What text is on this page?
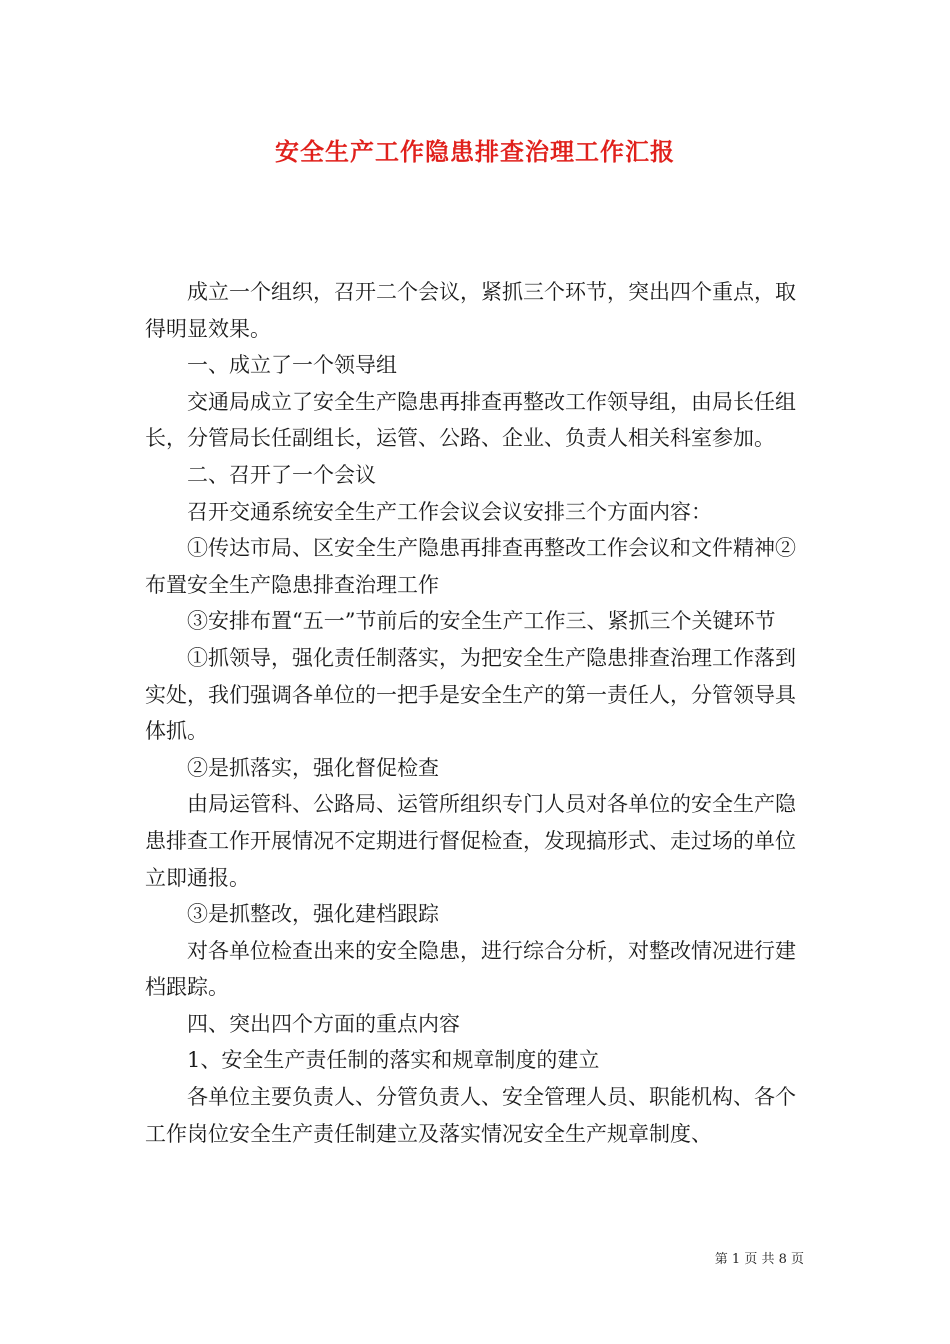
安全生产工作隐患排查治理工作汇报

成立一个组织，召开二个会议，紧抓三个环节，突出四个重点，取得明显效果。

一、成立了一个领导组

交通局成立了安全生产隐患再排查再整改工作领导组，由局长任组长，分管局长任副组长，运管、公路、企业、负责人相关科室参加。

二、召开了一个会议

召开交通系统安全生产工作会议会议安排三个方面内容：

①传达市局、区安全生产隐患再排查再整改工作会议和文件精神②布置安全生产隐患排查治理工作

③安排布置“五一”节前后的安全生产工作三、紧抓三个关键环节

①抓领导，强化责任制落实，为把安全生产隐患排查治理工作落到实处，我们强调各单位的一把手是安全生产的第一责任人，分管领导具体抓。

②是抓落实，强化督促检查

由局运管科、公路局、运管所组织专门人员对各单位的安全生产隐患排查工作开展情况不定期进行督促检查，发现搞形式、走过场的单位立即通报。

③是抓整改，强化建档跟踪

对各单位检查出来的安全隐患，进行综合分析，对整改情况进行建档跟踪。

四、突出四个方面的重点内容

1、安全生产责任制的落实和规章制度的建立

各单位主要负责人、分管负责人、安全管理人员、职能机构、各个工作岗位安全生产责任制建立及落实情况安全生产规章制度、

第 1 页 共 8 页
